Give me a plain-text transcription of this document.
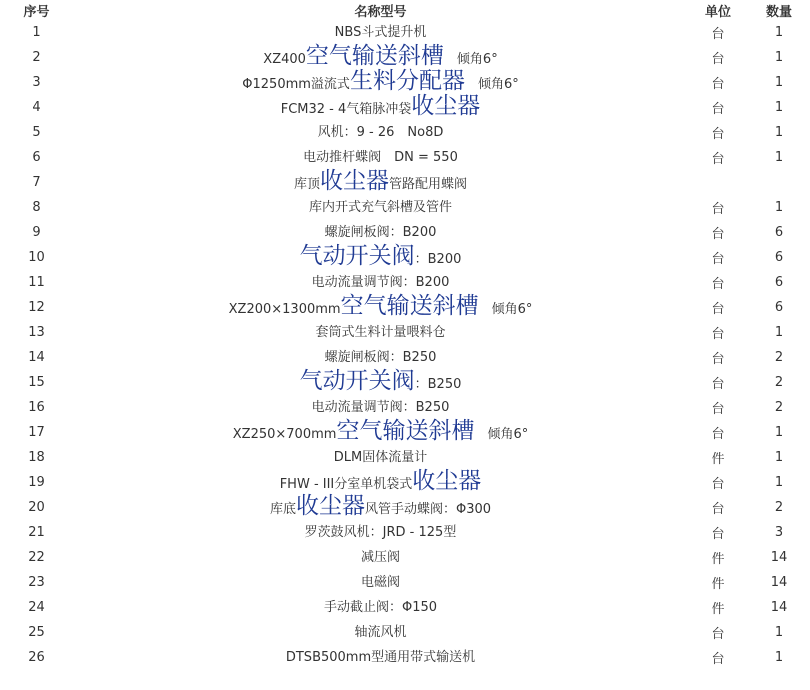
序号	名称型号	单位	数量
1	NBS斗式提升机	台	1
2	XZ400空气输送斜槽　倾角6°	台	1
3	Φ1250mm溢流式生料分配器　倾角6°	台	1
4	FCM32 - 4气箱脉冲袋收尘器	台	1
5	风机：9 - 26　No8D	台	1
6	电动推杆蝶阀　DN = 550	台	1
7	库顶收尘器管路配用蝶阀		
8	库内开式充气斜槽及管件	台	1
9	螺旋闸板阀：B200	台	6
10	气动开关阀：B200	台	6
11	电动流量调节阀：B200	台	6
12	XZ200×1300mm空气输送斜槽　倾角6°	台	6
13	套筒式生料计量喂料仓	台	1
14	螺旋闸板阀：B250	台	2
15	气动开关阀：B250	台	2
16	电动流量调节阀：B250	台	2
17	XZ250×700mm空气输送斜槽　倾角6°	台	1
18	DLM固体流量计	件	1
19	FHW - III分室单机袋式收尘器	台	1
20	库底收尘器风管手动蝶阀：Φ300	台	2
21	罗茨鼓风机：JRD - 125型	台	3
22	减压阀	件	14
23	电磁阀	件	14
24	手动截止阀：Φ150	件	14
25	轴流风机	台	1
26	DTSB500mm型通用带式输送机	台	1
